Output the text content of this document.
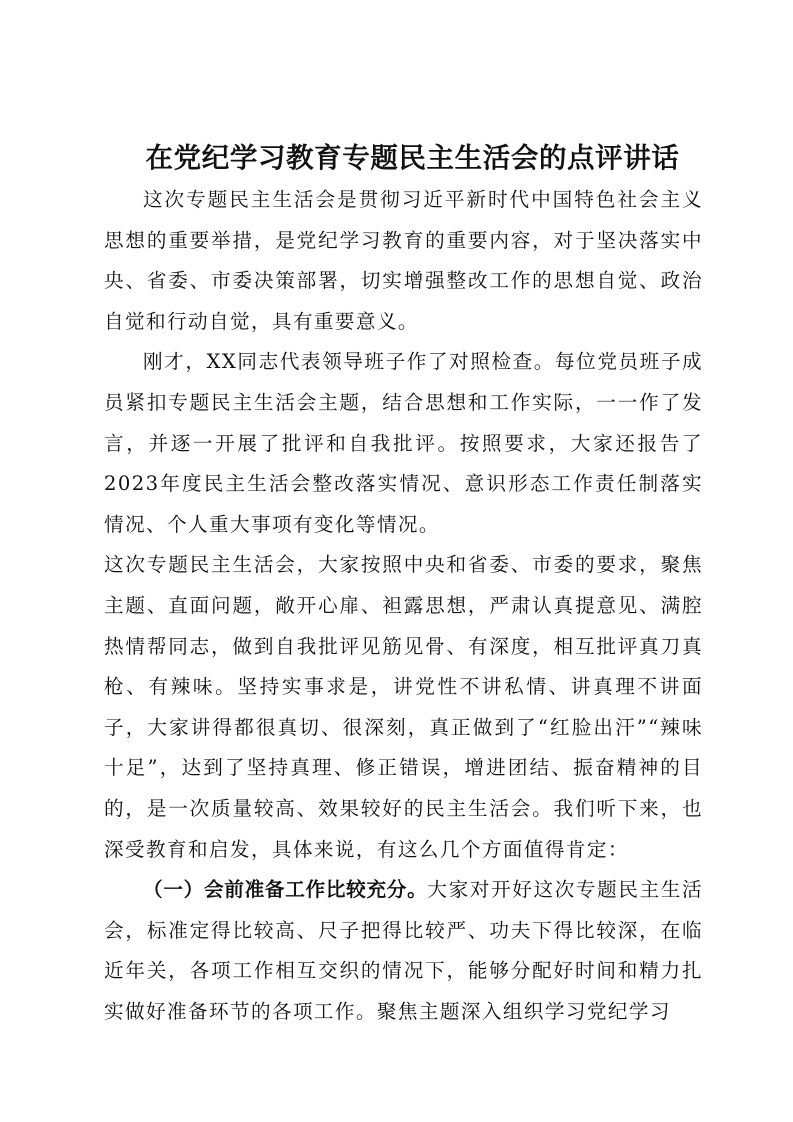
在党纪学习教育专题民主生活会的点评讲话

这次专题民主生活会是贯彻习近平新时代中国特色社会主义思想的重要举措，是党纪学习教育的重要内容，对于坚决落实中央、省委、市委决策部署，切实增强整改工作的思想自觉、政治自觉和行动自觉，具有重要意义。

刚才，XX同志代表领导班子作了对照检查。每位党员班子成员紧扣专题民主生活会主题，结合思想和工作实际，一一作了发言，并逐一开展了批评和自我批评。按照要求，大家还报告了2023年度民主生活会整改落实情况、意识形态工作责任制落实情况、个人重大事项有变化等情况。

这次专题民主生活会，大家按照中央和省委、市委的要求，聚焦主题、直面问题，敞开心扉、袒露思想，严肃认真提意见、满腔热情帮同志，做到自我批评见筋见骨、有深度，相互批评真刀真枪、有辣味。坚持实事求是，讲党性不讲私情、讲真理不讲面子，大家讲得都很真切、很深刻，真正做到了“红脸出汗”“辣味十足”，达到了坚持真理、修正错误，增进团结、振奋精神的目的，是一次质量较高、效果较好的民主生活会。我们听下来，也深受教育和启发，具体来说，有这么几个方面值得肯定：

（一）会前准备工作比较充分。大家对开好这次专题民主生活会，标准定得比较高、尺子把得比较严、功夫下得比较深，在临近年关，各项工作相互交织的情况下，能够分配好时间和精力扎实做好准备环节的各项工作。聚焦主题深入组织学习党纪学习
